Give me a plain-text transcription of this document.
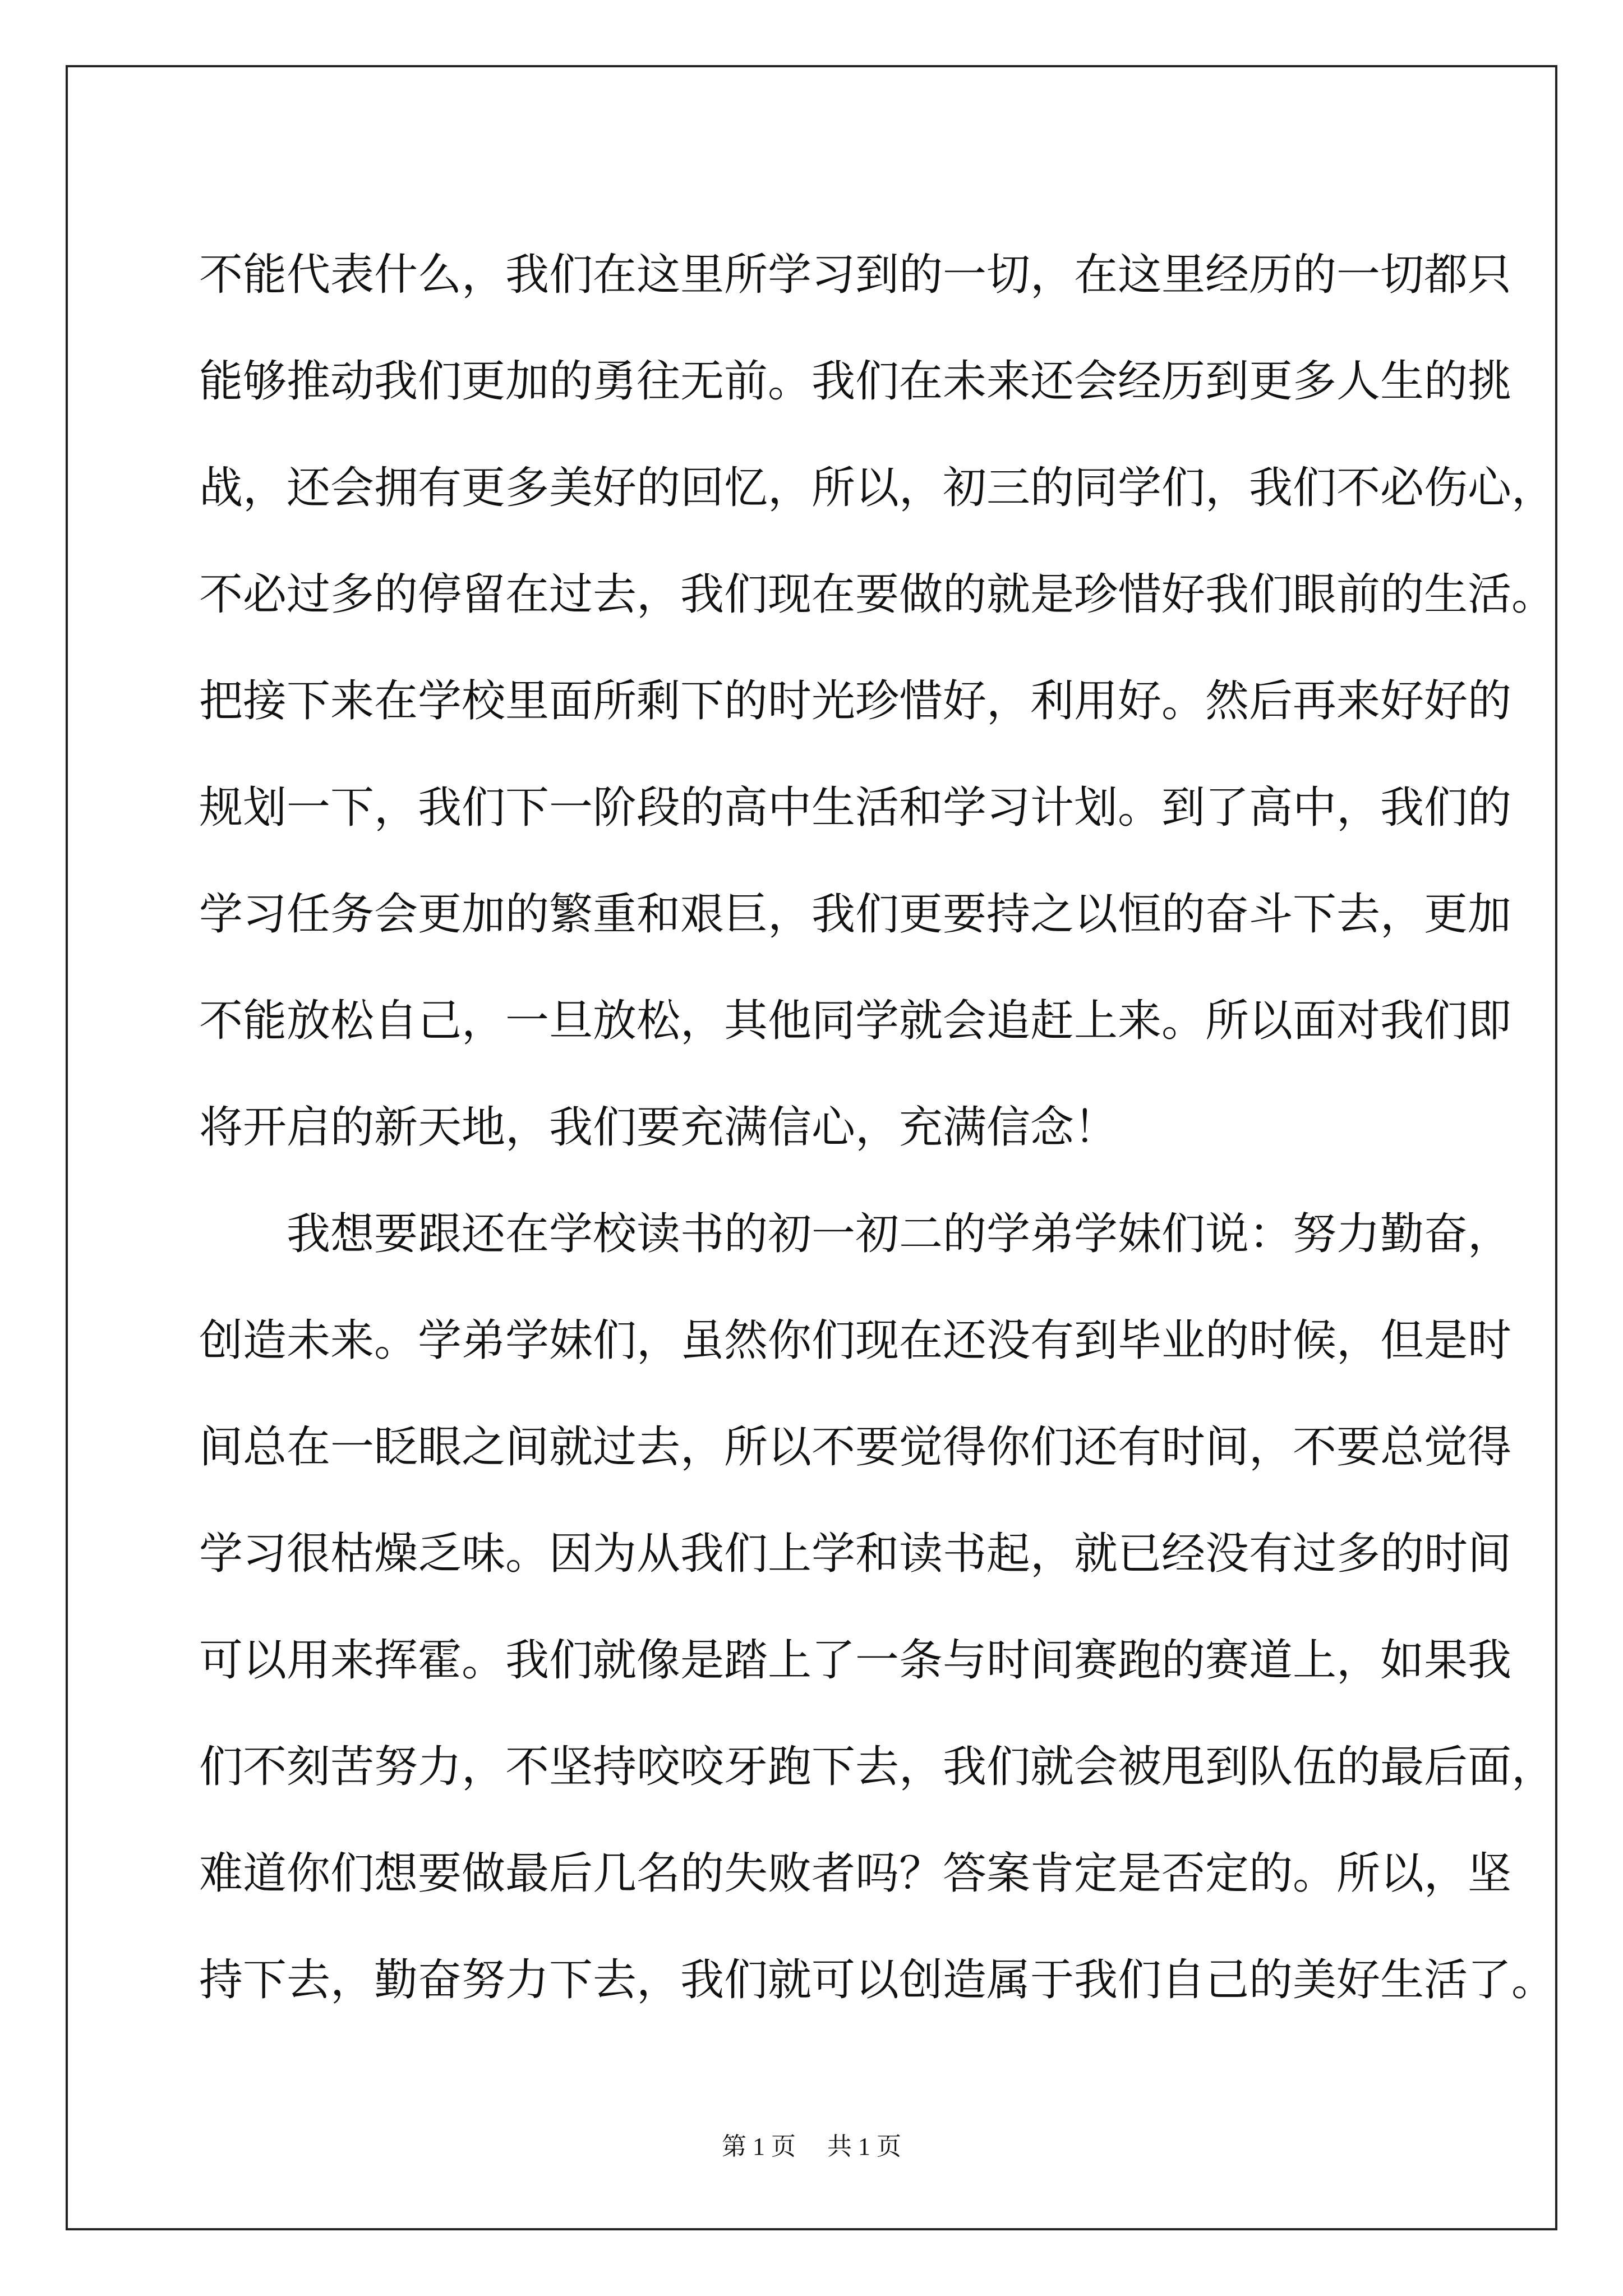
不能代表什么，我们在这里所学习到的一切，在这里经历的一切都只
能够推动我们更加的勇往无前。我们在未来还会经历到更多人生的挑
战，还会拥有更多美好的回忆，所以，初三的同学们，我们不必伤心，
不必过多的停留在过去，我们现在要做的就是珍惜好我们眼前的生活。
把接下来在学校里面所剩下的时光珍惜好，利用好。然后再来好好的
规划一下，我们下一阶段的高中生活和学习计划。到了高中，我们的
学习任务会更加的繁重和艰巨，我们更要持之以恒的奋斗下去，更加
不能放松自己，一旦放松，其他同学就会追赶上来。所以面对我们即
将开启的新天地，我们要充满信心，充满信念！
我想要跟还在学校读书的初一初二的学弟学妹们说：努力勤奋，
创造未来。学弟学妹们，虽然你们现在还没有到毕业的时候，但是时
间总在一眨眼之间就过去，所以不要觉得你们还有时间，不要总觉得
学习很枯燥乏味。因为从我们上学和读书起，就已经没有过多的时间
可以用来挥霍。我们就像是踏上了一条与时间赛跑的赛道上，如果我
们不刻苦努力，不坚持咬咬牙跑下去，我们就会被甩到队伍的最后面，
难道你们想要做最后几名的失败者吗？答案肯定是否定的。所以，坚
持下去，勤奋努力下去，我们就可以创造属于我们自己的美好生活了。
第 1 页 共 1 页
